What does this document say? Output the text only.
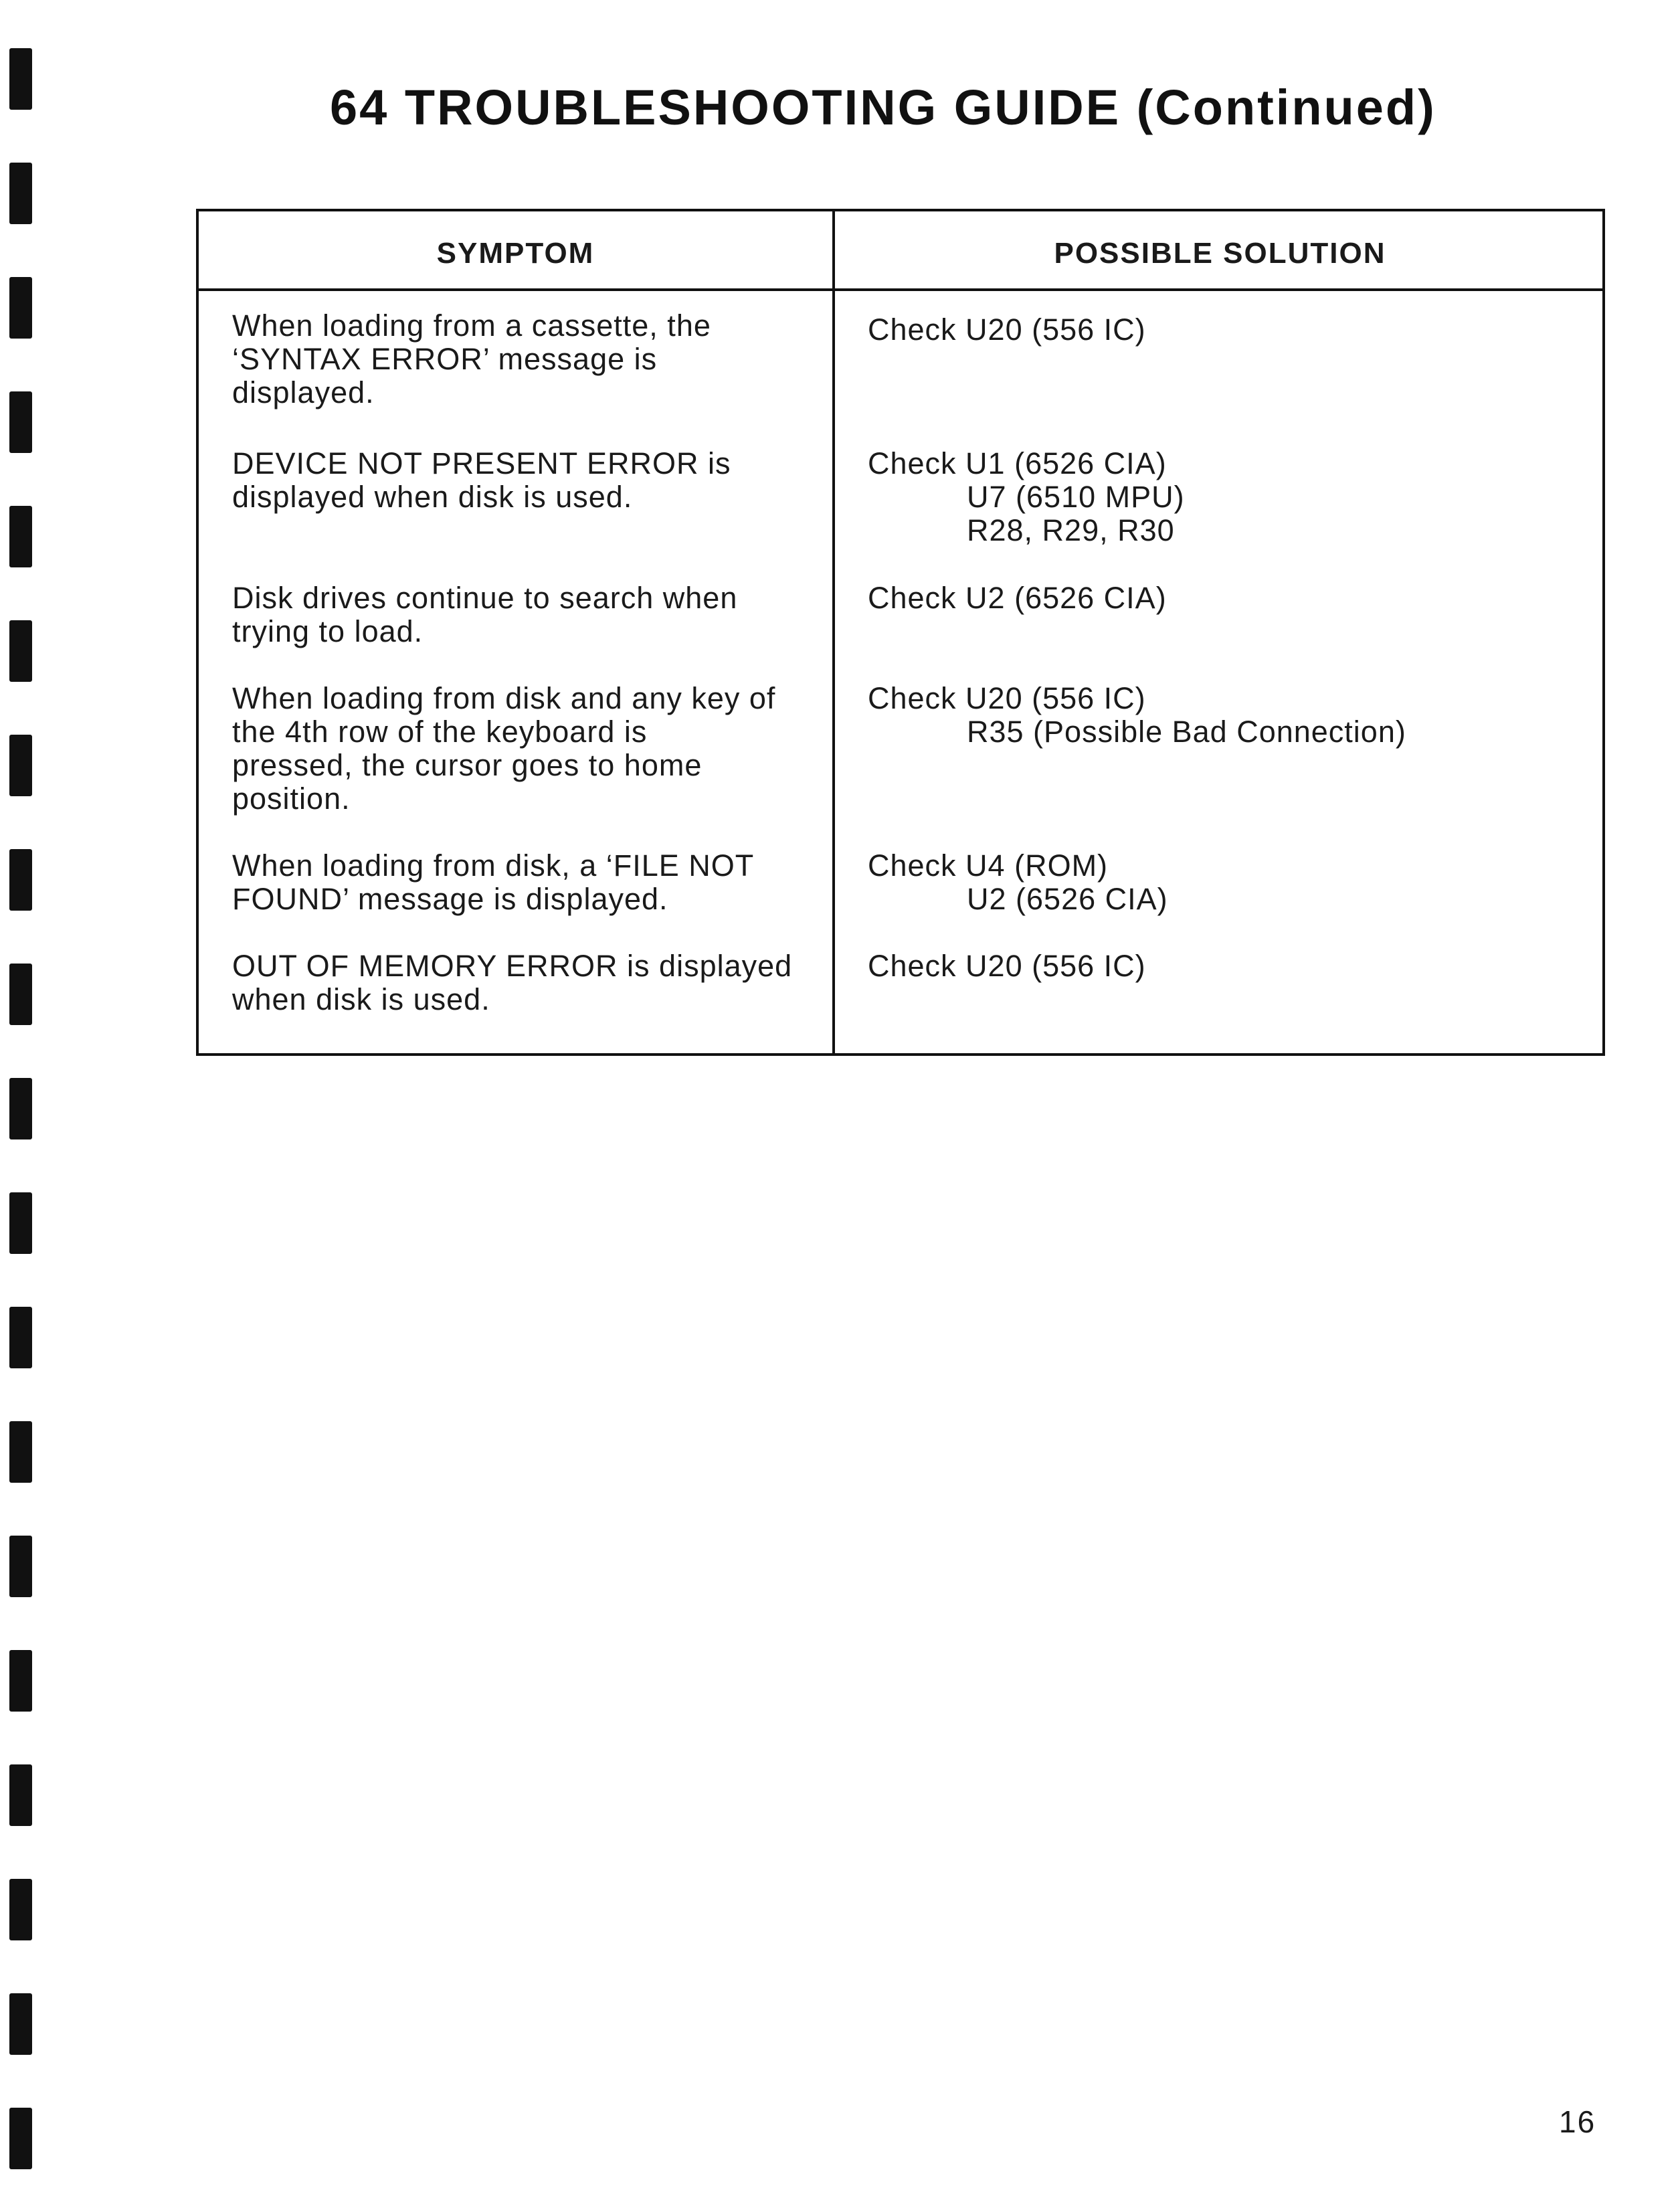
64 TROUBLESHOOTING GUIDE (Continued)
SYMPTOM	POSSIBLE SOLUTION
When loading from a cassette, the
‘SYNTAX ERROR’ message is
displayed.
Check U20 (556 IC)
DEVICE NOT PRESENT ERROR is
displayed when disk is used.
Check U1 (6526 CIA)
U7 (6510 MPU)
R28, R29, R30
Disk drives continue to search when
trying to load.
Check U2 (6526 CIA)
When loading from disk and any key of
the 4th row of the keyboard is
pressed, the cursor goes to home
position.
Check U20 (556 IC)
R35 (Possible Bad Connection)
When loading from disk, a ‘FILE NOT
FOUND’ message is displayed.
Check U4 (ROM)
U2 (6526 CIA)
OUT OF MEMORY ERROR is displayed
when disk is used.
Check U20 (556 IC)
16
